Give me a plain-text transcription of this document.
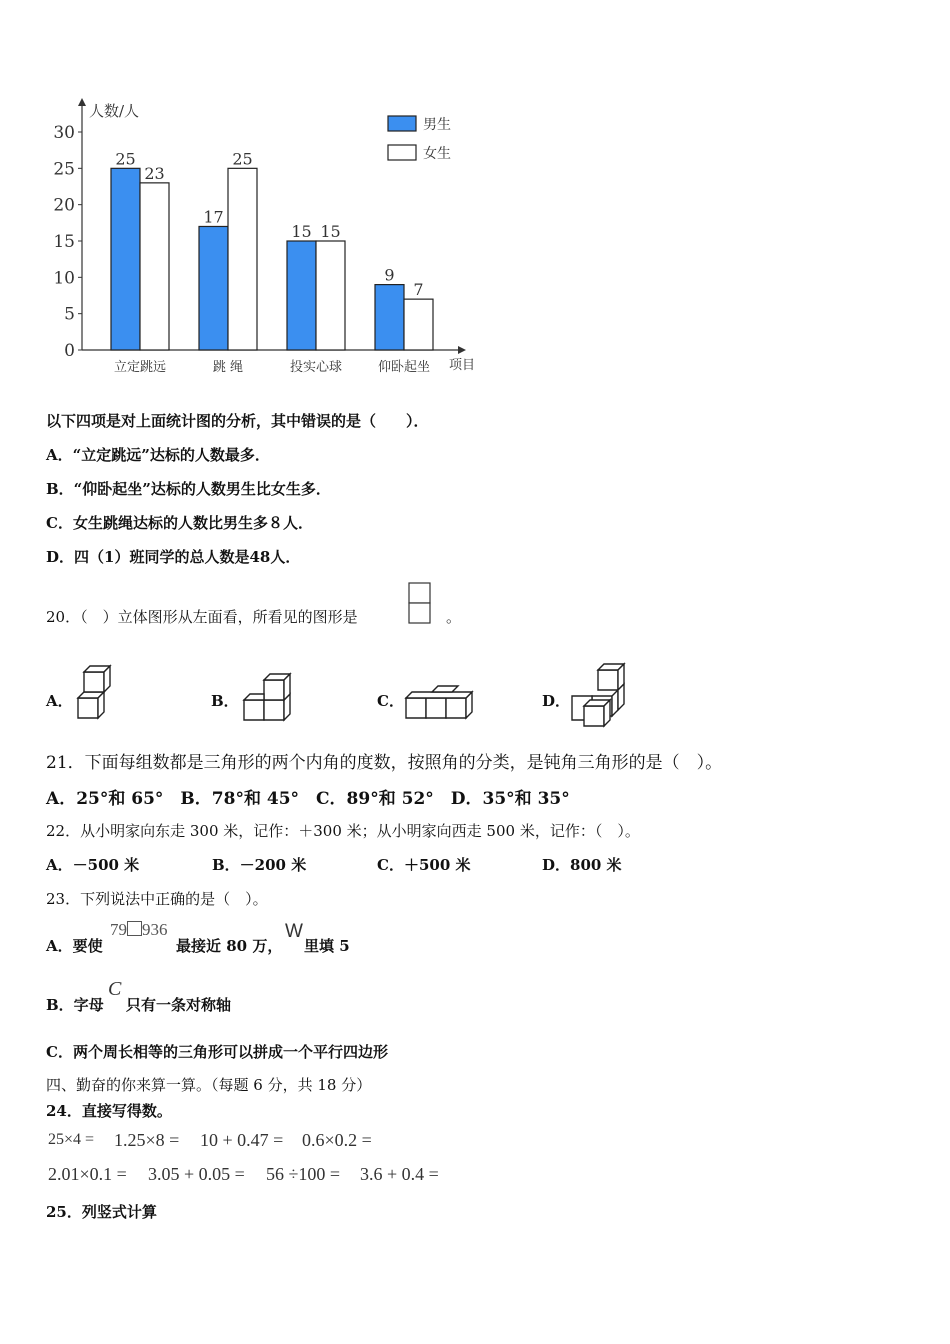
0
5
10
15
20
25
30
人数/人
项目
25
23
立定跳远
17
25
跳 绳
15 15
投实心球
9
7
仰卧起坐
男生
女生
以下四项是对上面统计图的分析，其中错误的是（　　）．
A．“立定跳远”达标的人数最多．
B．“仰卧起坐”达标的人数男生比女生多．
C．女生跳绳达标的人数比男生多８人．
D．四（1）班同学的总人数是48人．
20．（　）立体图形从左面看，所看见的图形是	。
A．	B．	C．	D．
21．下面每组数都是三角形的两个内角的度数，按照角的分类，是钝角三角形的是（　）。
A．25°和 65°　B．78°和 45°　C．89°和 52°　D．35°和 35°
22．从小明家向东走 300 米，记作：＋300 米；从小明家向西走 500 米，记作：（　）。
A．－500 米	B．－200 米	C．＋500 米	D．800 米
23．下列说法中正确的是（　）。
A．要使
79 936
最接近 80 万，
W
里填 5
B．字母
C
只有一条对称轴
C．两个周长相等的三角形可以拼成一个平行四边形
四、勤奋的你来算一算。（每题 6 分，共 18 分）
24．直接写得数。
25×4 = 1.25×8 = 10 + 0.47 = 0.6×0.2 =
2.01×0.1 = 3.05 + 0.05 = 56 ÷100 = 3.6 + 0.4 =
25．列竖式计算
